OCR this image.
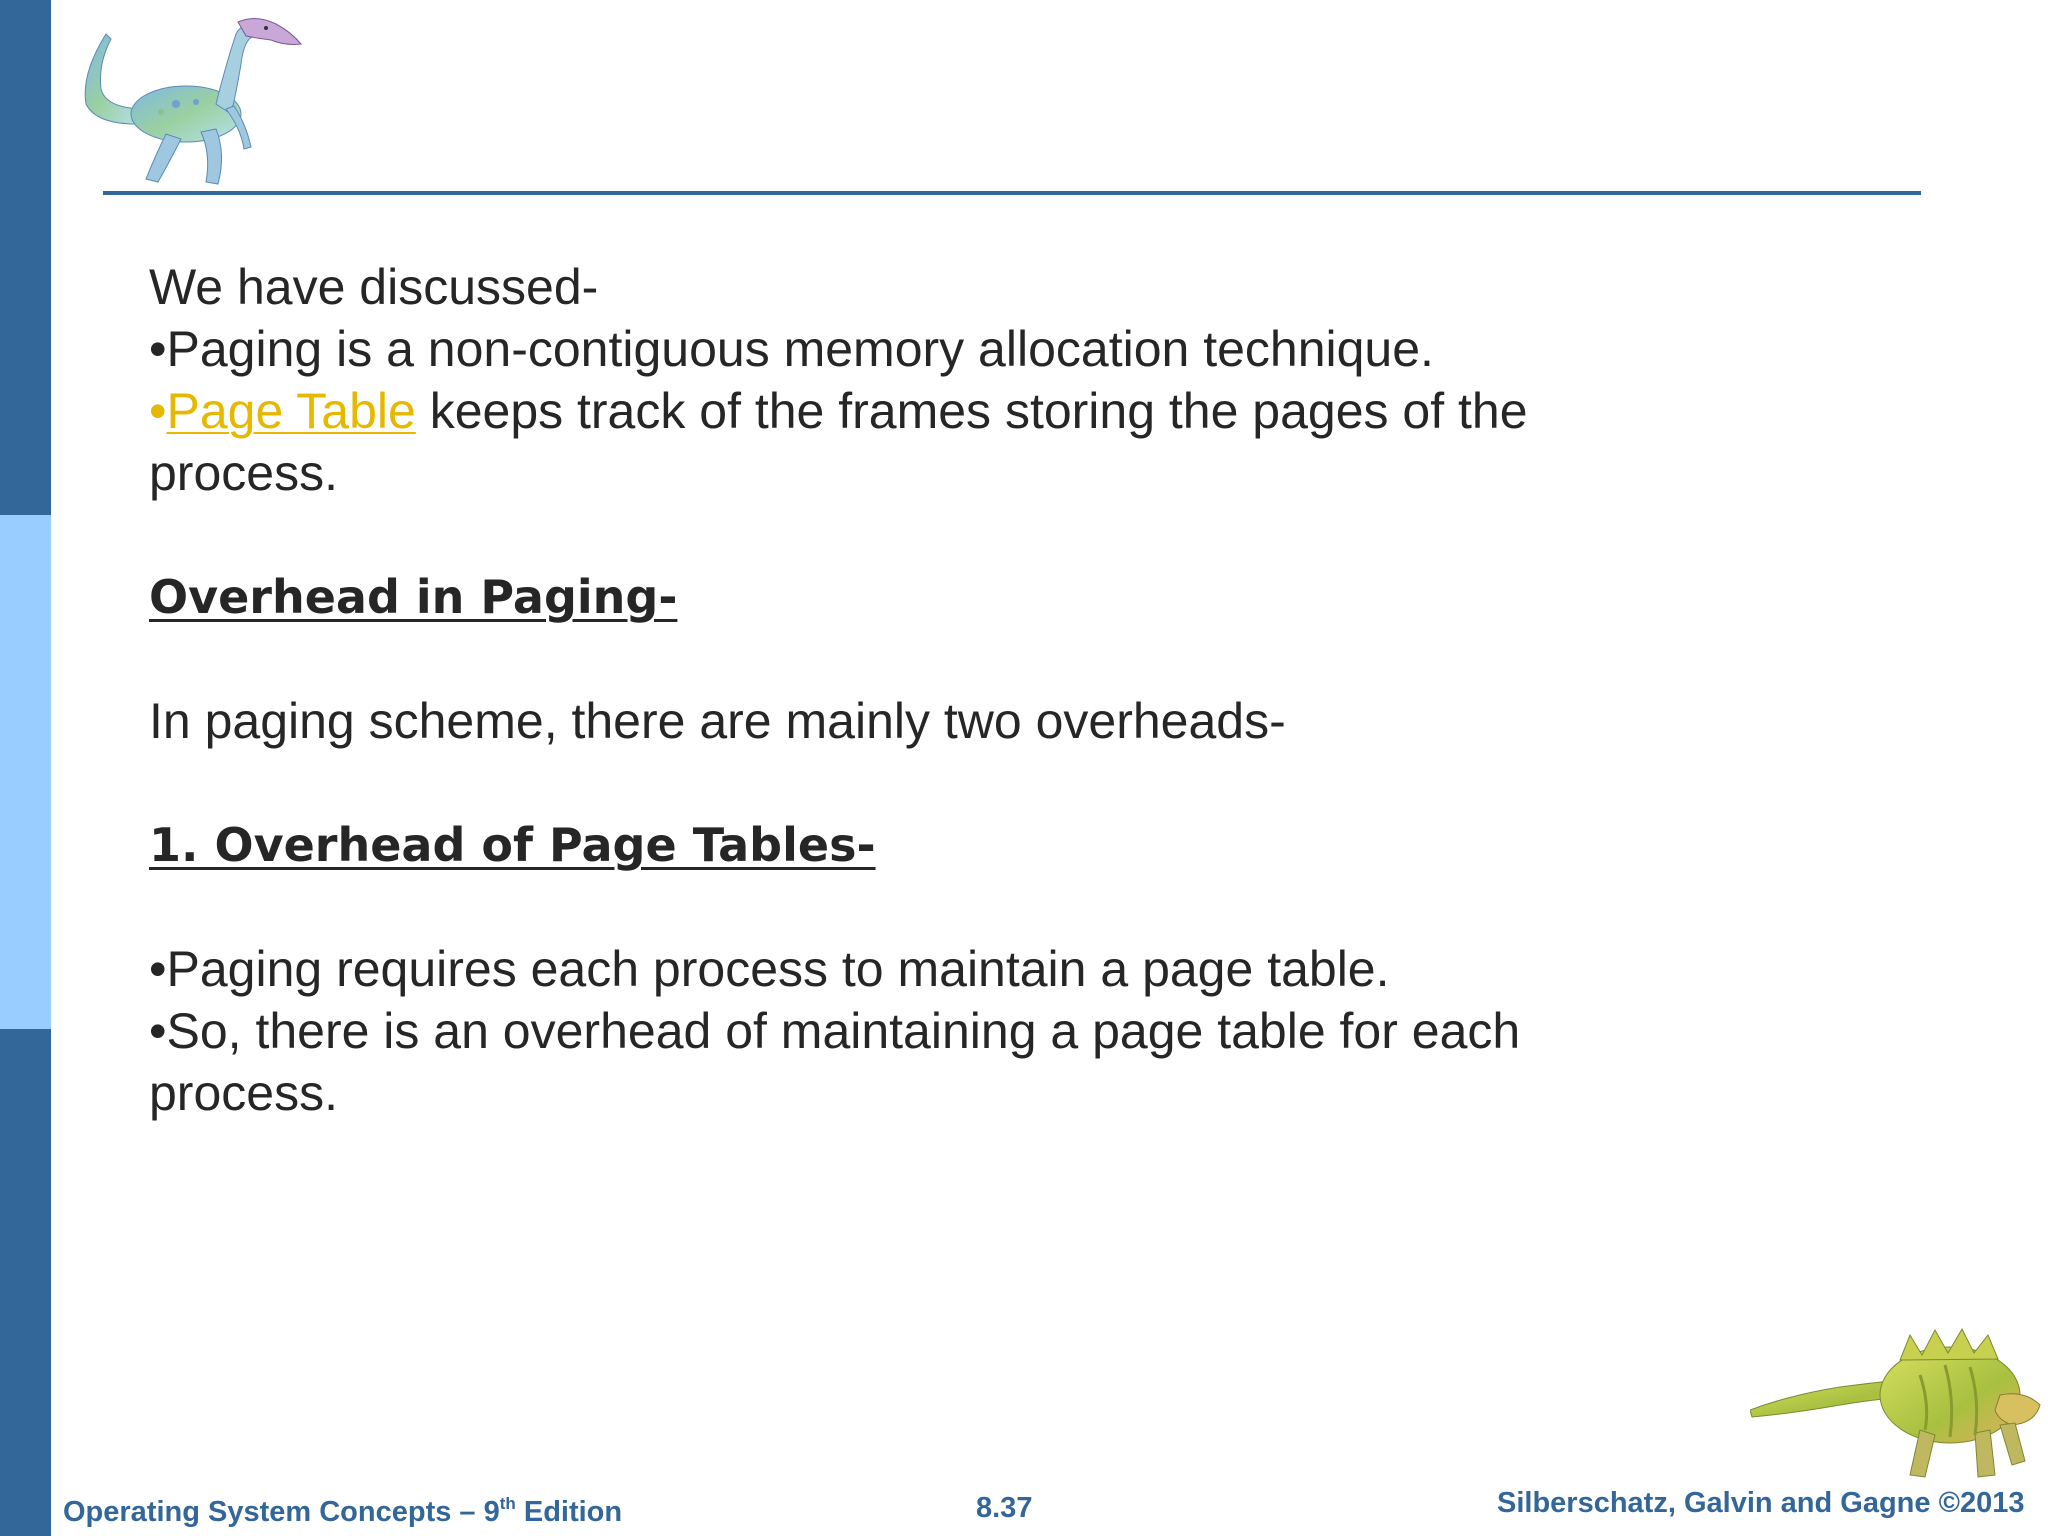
We have discussed-
•Paging is a non-contiguous memory allocation technique.
•Page Table keeps track of the frames storing the pages of the
process.
Overhead in Paging-
In paging scheme, there are mainly two overheads-
1. Overhead of Page Tables-
•Paging requires each process to maintain a page table.
•So, there is an overhead of maintaining a page table for each
process.
Operating System Concepts – 9th Edition	8.37	Silberschatz, Galvin and Gagne ©2013
